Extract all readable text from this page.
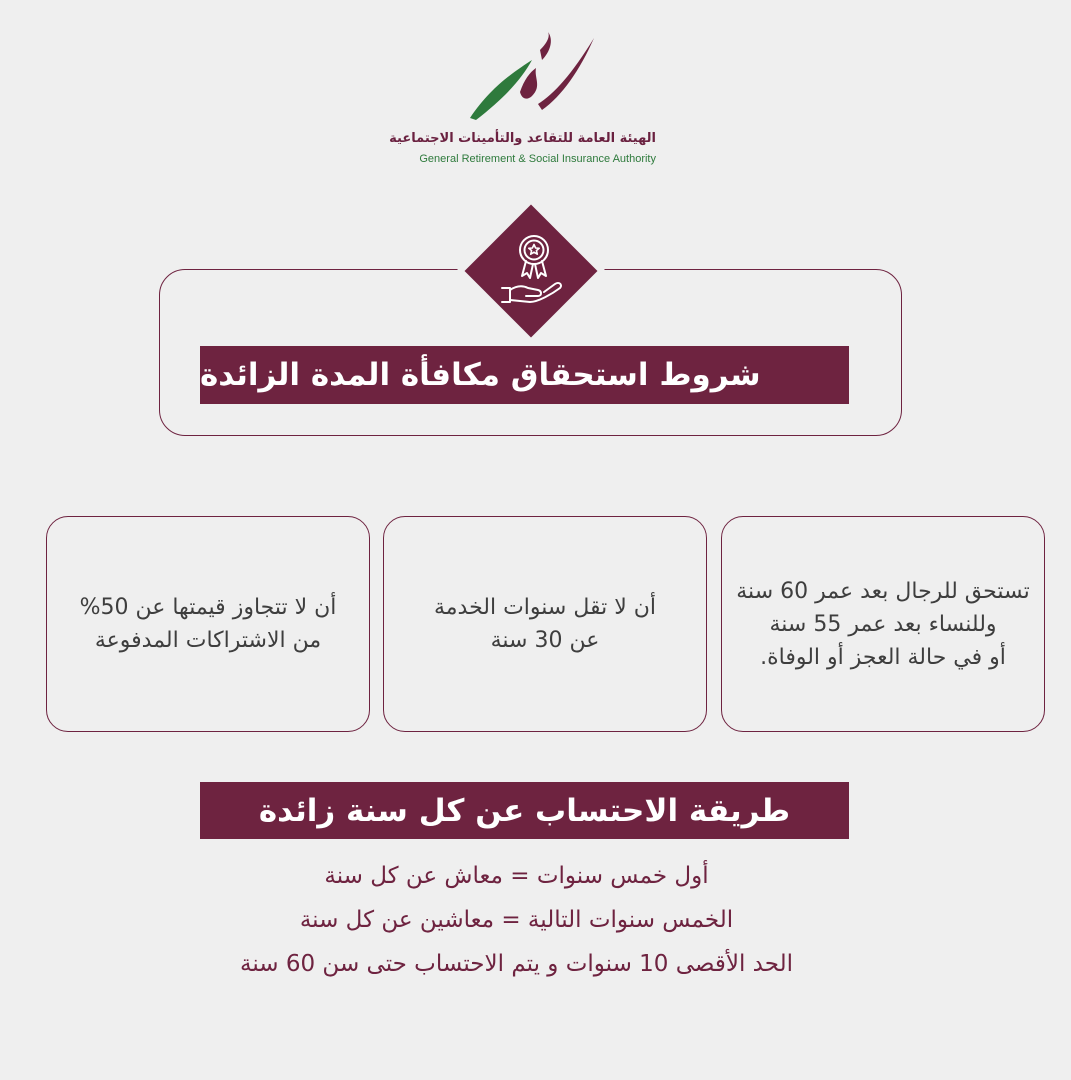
الهيئة العامة للتقاعد والتأمينات الاجتماعية
General Retirement & Social Insurance Authority
شروط استحقاق مكافأة المدة الزائدة
تستحق للرجال بعد عمر 60 سنة
وللنساء بعد عمر 55 سنة
أو في حالة العجز أو الوفاة.
أن لا تقل سنوات الخدمة
عن 30 سنة
أن لا تتجاوز قيمتها عن 50%
من الاشتراكات المدفوعة
طريقة الاحتساب عن كل سنة زائدة
أول خمس سنوات = معاش عن كل سنة
الخمس سنوات التالية = معاشين عن كل سنة
الحد الأقصى 10 سنوات و يتم الاحتساب حتى سن 60 سنة
